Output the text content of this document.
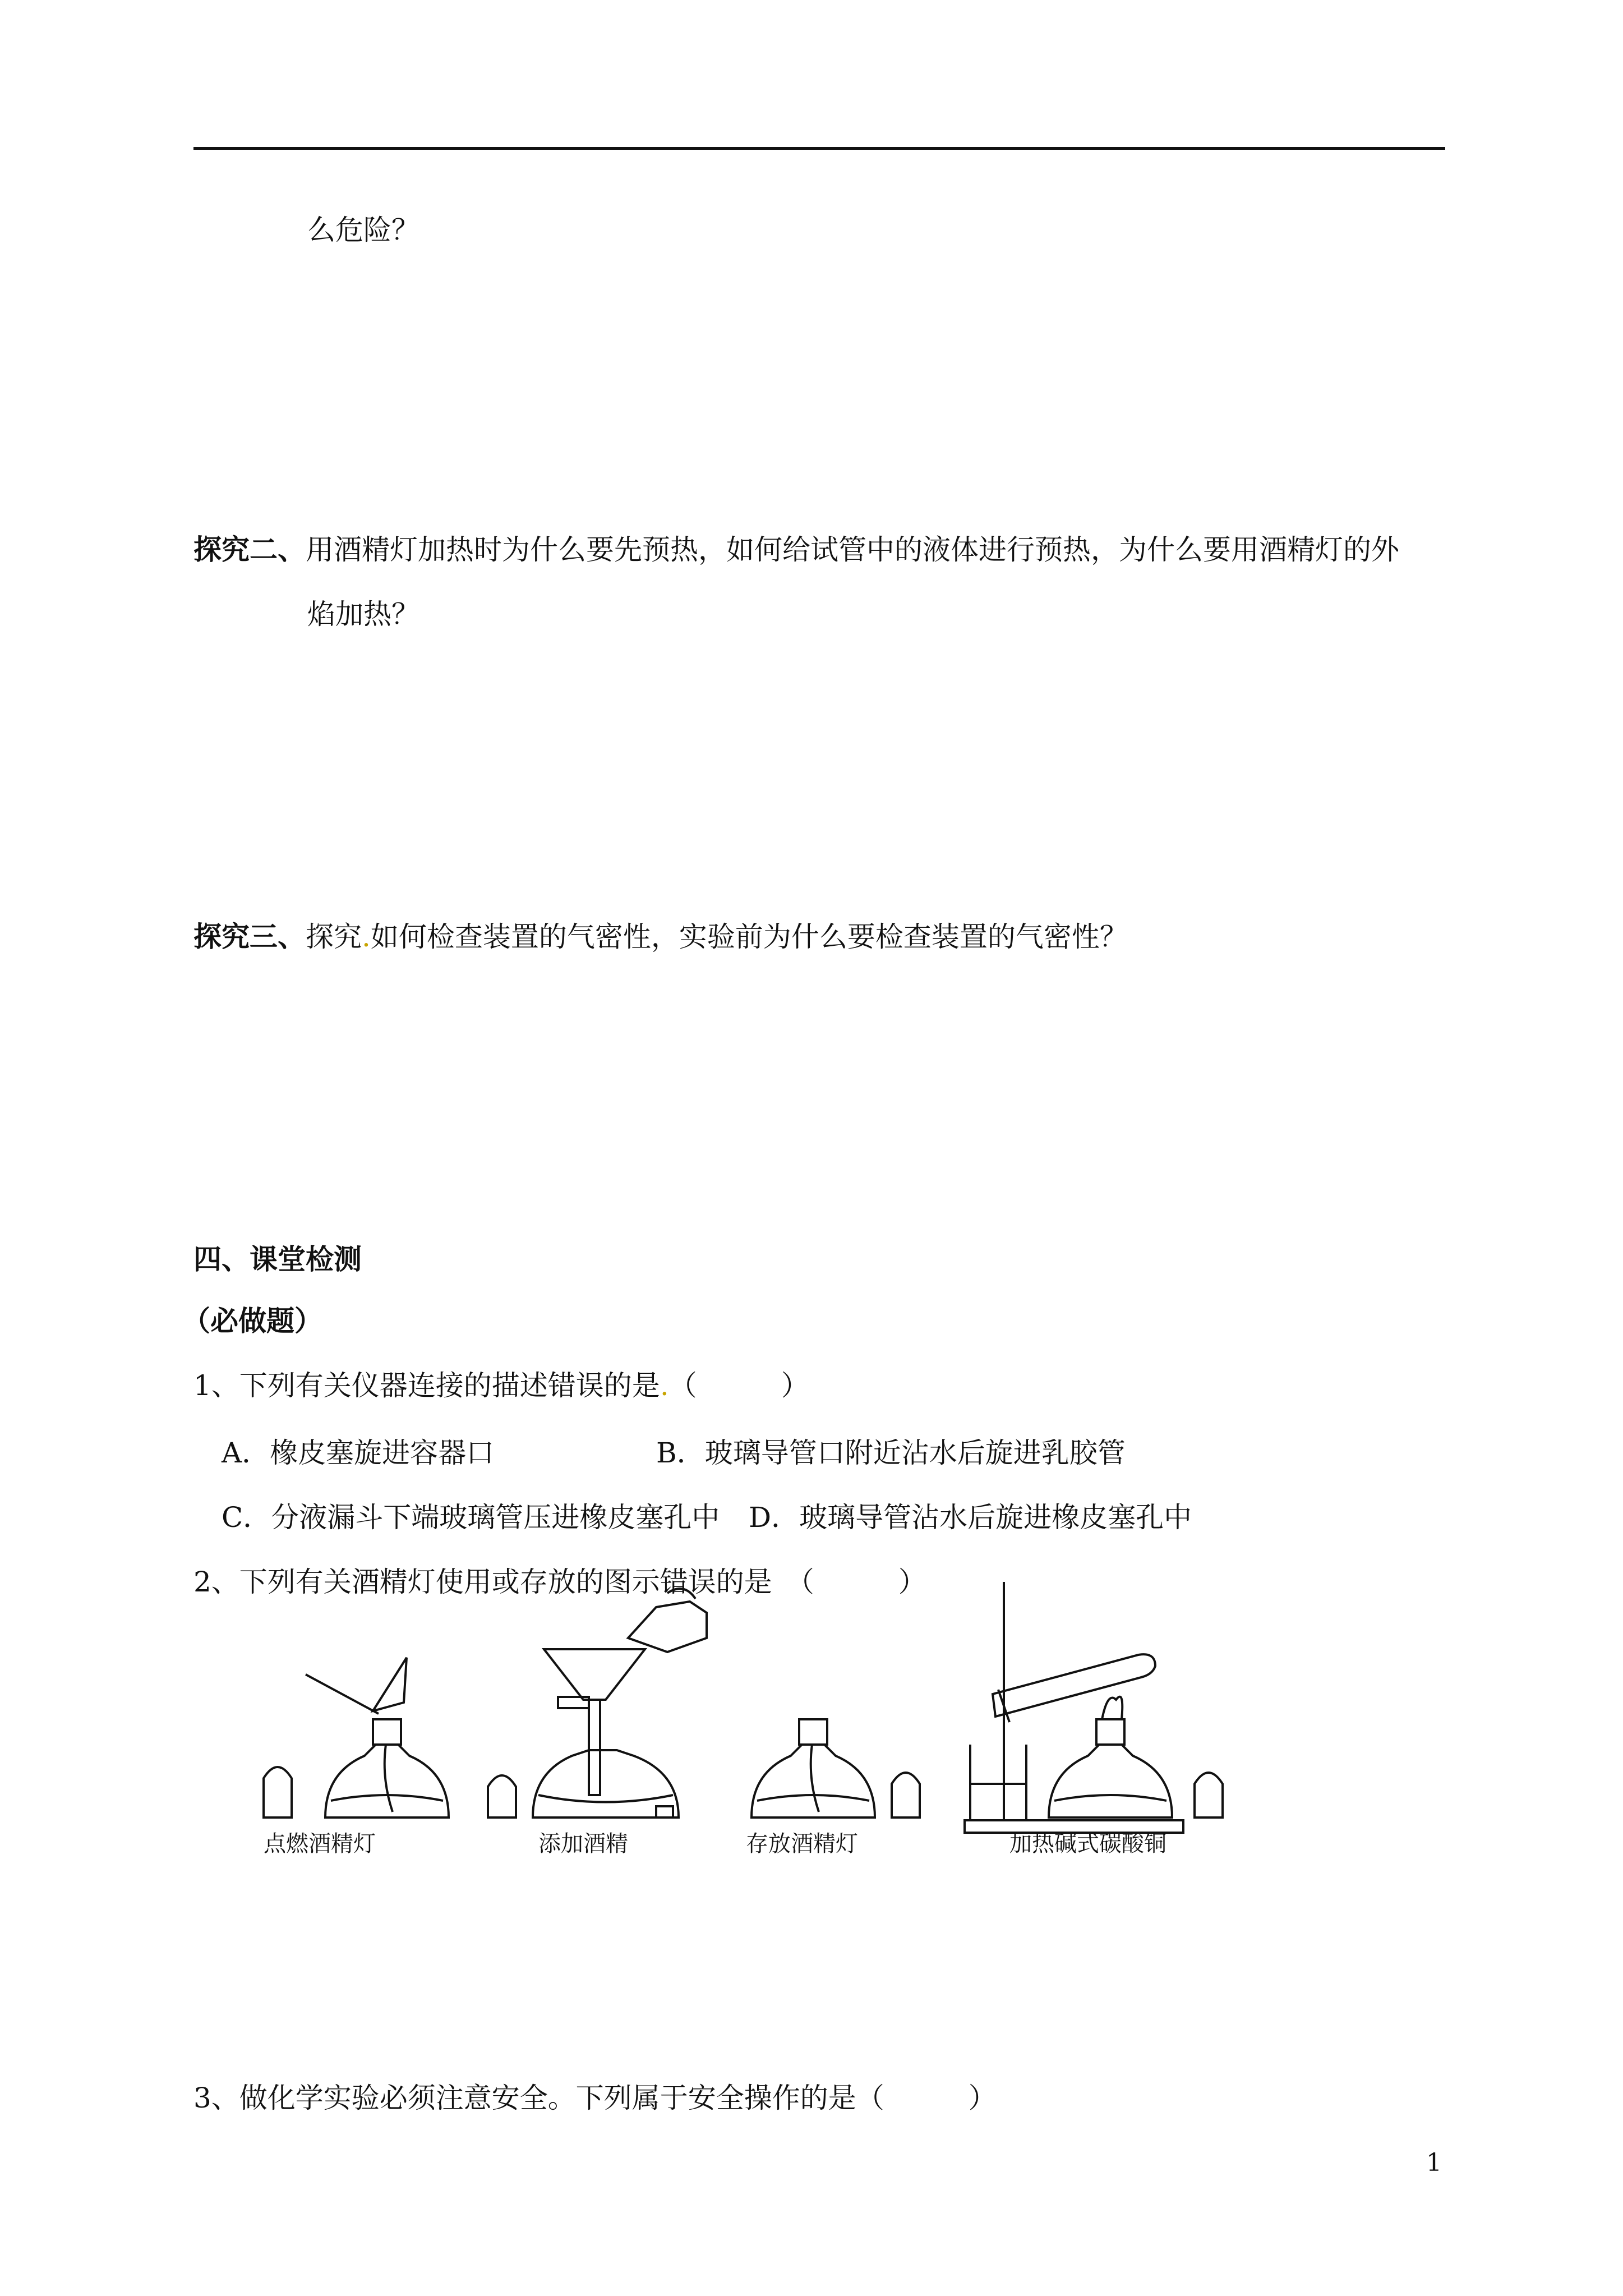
么危险？
探究二、用酒精灯加热时为什么要先预热，如何给试管中的液体进行预热，为什么要用酒精灯的外
焰加热？
探究三、探究.如何检查装置的气密性，实验前为什么要检查装置的气密性？
四、课堂检测
（必做题）
1、下列有关仪器连接的描述错误的是.（　　　）
A．橡皮塞旋进容器口	B．玻璃导管口附近沾水后旋进乳胶管
C．分液漏斗下端玻璃管压进橡皮塞孔中 D．玻璃导管沾水后旋进橡皮塞孔中
2、下列有关酒精灯使用或存放的图示错误的是　（　　　）
点燃酒精灯	添加酒精	存放酒精灯	加热碱式碳酸铜
3、做化学实验必须注意安全。下列属于安全操作的是（　　　）
1
